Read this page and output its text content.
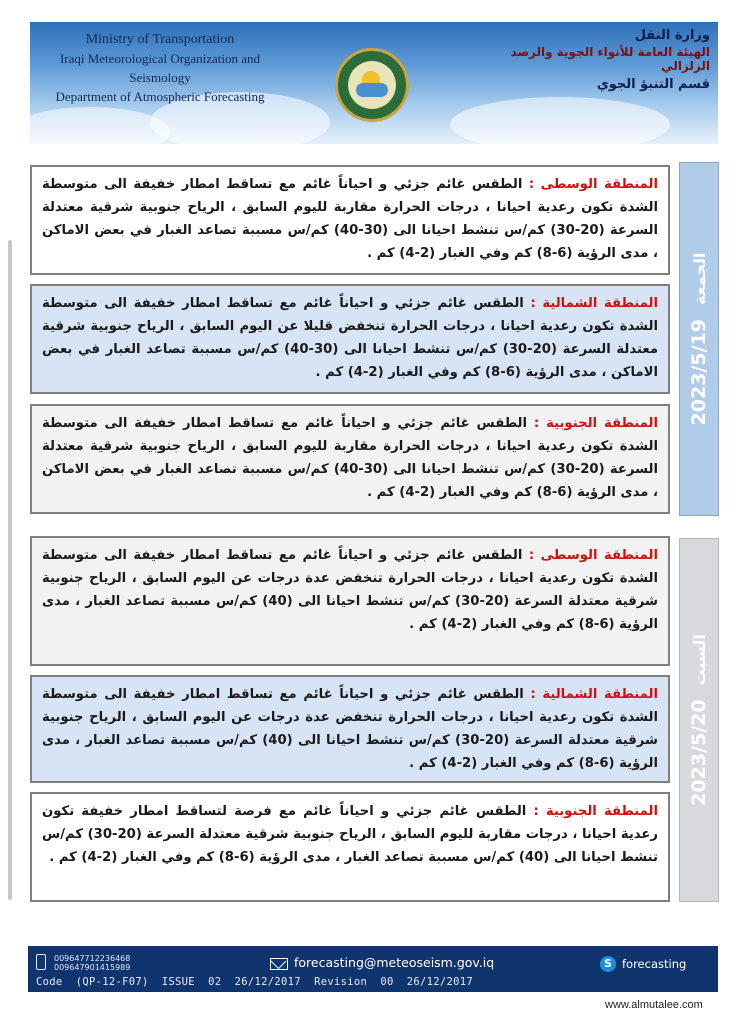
Ministry of Transportation
Iraqi Meteorological Organization and Seismology
Department of Atmospheric Forecasting
وزارة النقل
الهيئة العامة للأنواء الجوية والرصد الزلزالي
قسم التنبؤ الجوي
2023/5/19الجمعة
المنطقة الوسطى : الطقس غائم جزئي و احياناً غائم مع تساقط امطار خفيفة الى متوسطة الشدة تكون رعدية احيانا ، درجات الحرارة مقاربة لليوم السابق ، الرياح جنوبية شرقية معتدلة السرعة (20-30) كم/س تنشط احيانا الى (30-40) كم/س مسببة تصاعد الغبار في بعض الاماكن ، مدى الرؤية (6-8) كم وفي الغبار (2-4) كم .
المنطقة الشمالية : الطقس غائم جزئي و احياناً غائم مع تساقط امطار خفيفة الى متوسطة الشدة تكون رعدية احيانا ، درجات الحرارة تنخفض قليلا عن اليوم السابق ، الرياح جنوبية شرقية معتدلة السرعة (20-30) كم/س تنشط احيانا الى (30-40) كم/س مسببة تصاعد الغبار في بعض الاماكن ، مدى الرؤية (6-8) كم وفي الغبار (2-4) كم .
المنطقة الجنوبية : الطقس غائم جزئي و احياناً غائم مع تساقط امطار خفيفة الى متوسطة الشدة تكون رعدية احيانا ، درجات الحرارة مقاربة لليوم السابق ، الرياح جنوبية شرقية معتدلة السرعة (20-30) كم/س تنشط احيانا الى (30-40) كم/س مسببة تصاعد الغبار في بعض الاماكن ، مدى الرؤية (6-8) كم وفي الغبار (2-4) كم .
2023/5/20السبت
المنطقة الوسطى : الطقس غائم جزئي و احياناً غائم مع تساقط امطار خفيفة الى متوسطة الشدة تكون رعدية احيانا ، درجات الحرارة تنخفض عدة درجات عن اليوم السابق ، الرياح جنوبية شرقية معتدلة السرعة (20-30) كم/س تنشط احيانا الى (40) كم/س مسببة تصاعد الغبار ، مدى الرؤية (6-8) كم وفي الغبار (2-4) كم .
المنطقة الشمالية : الطقس غائم جزئي و احياناً غائم مع تساقط امطار خفيفة الى متوسطة الشدة تكون رعدية احيانا ، درجات الحرارة تنخفض عدة درجات عن اليوم السابق ، الرياح جنوبية شرقية معتدلة السرعة (20-30) كم/س تنشط احيانا الى (40) كم/س مسببة تصاعد الغبار ، مدى الرؤية (6-8) كم وفي الغبار (2-4) كم .
المنطقة الجنوبية : الطقس غائم جزئي و احياناً غائم مع فرصة لتساقط امطار خفيفة تكون رعدية احيانا ، درجات مقاربة لليوم السابق ، الرياح جنوبية شرقية معتدلة السرعة (20-30) كم/س تنشط احيانا الى (40) كم/س مسببة تصاعد الغبار ، مدى الرؤية (6-8) كم وفي الغبار (2-4) كم .
009647712236468
009647901415989	forecasting@meteoseism.gov.iq	S forecasting
Code  (QP-12-F07)  ISSUE  02  26/12/2017  Revision  00  26/12/2017
www.almutalee.com
